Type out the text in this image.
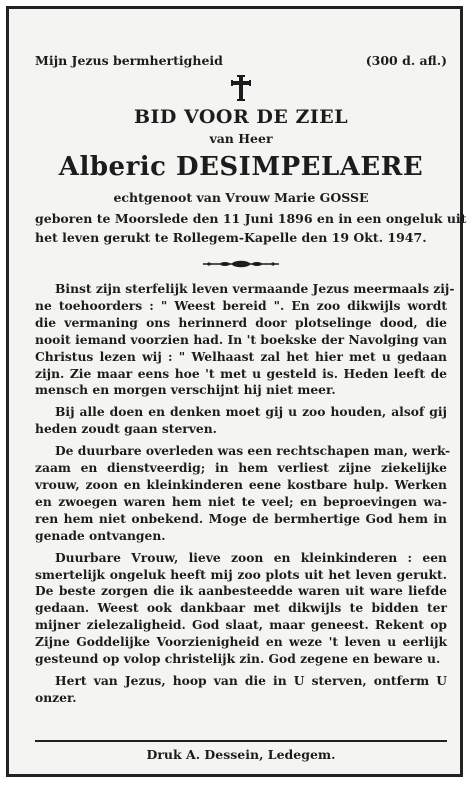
Mijn Jezus bermhertigheid	(300 d. afl.)
BID VOOR DE ZIEL
van Heer
Alberic DESIMPELAERE
echtgenoot van Vrouw Marie GOSSE
geboren te Moorslede den 11 Juni 1896 en in een ongeluk uit
het leven gerukt te Rollegem-Kapelle den 19 Okt. 1947.

Binst zijn sterfelijk leven vermaande Jezus meermaals zij-
ne toehoorders : " Weest bereid ". En zoo dikwijls wordt
die vermaning ons herinnerd door plotselinge dood, die
nooit iemand voorzien had. In 't boekske der Navolging van
Christus lezen wij : " Welhaast zal het hier met u gedaan
zijn. Zie maar eens hoe 't met u gesteld is. Heden leeft de
mensch en morgen verschijnt hij niet meer.

Bij alle doen en denken moet gij u zoo houden, alsof gij
heden zoudt gaan sterven.

De duurbare overleden was een rechtschapen man, werk-
zaam en dienstveerdig; in hem verliest zijne ziekelijke
vrouw, zoon en kleinkinderen eene kostbare hulp. Werken
en zwoegen waren hem niet te veel; en beproevingen wa-
ren hem niet onbekend. Moge de bermhertige God hem in
genade ontvangen.

Duurbare Vrouw, lieve zoon en kleinkinderen : een
smertelijk ongeluk heeft mij zoo plots uit het leven gerukt.
De beste zorgen die ik aanbesteedde waren uit ware liefde
gedaan. Weest ook dankbaar met dikwijls te bidden ter
mijner zielezaligheid. God slaat, maar geneest. Rekent op
Zijne Goddelijke Voorzienigheid en weze 't leven u eerlijk
gesteund op volop christelijk zin. God zegene en beware u.

Hert van Jezus, hoop van die in U sterven, ontferm U
onzer.

Druk A. Dessein, Ledegem.
